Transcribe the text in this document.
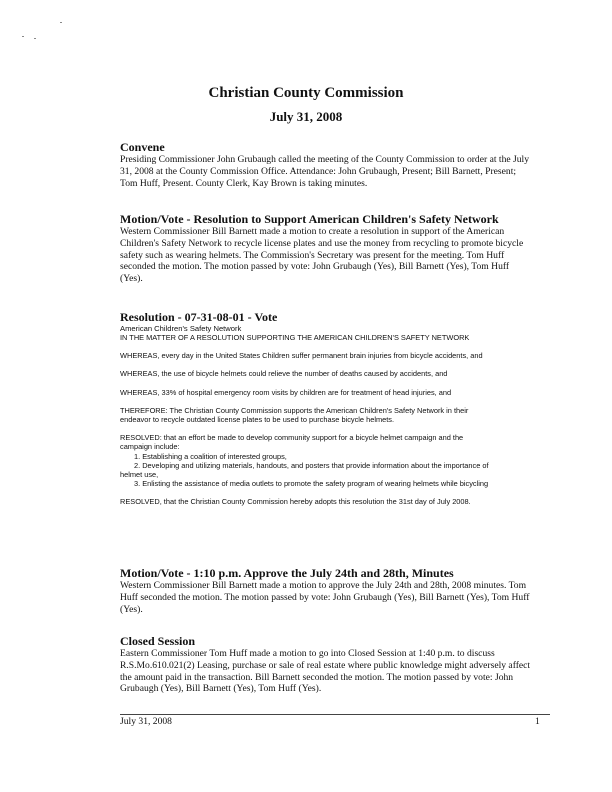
Christian County Commission
July 31, 2008

Convene

Presiding Commissioner John Grubaugh called the meeting of the County Commission to order at the July

31, 2008 at the County Commission Office. Attendance: John Grubaugh, Present; Bill Barnett, Present;

Tom Huff, Present. County Clerk, Kay Brown is taking minutes.

Motion/Vote - Resolution to Support American Children's Safety Network

Western Commissioner Bill Barnett made a motion to create a resolution in support of the American

Children's Safety Network to recycle license plates and use the money from recycling to promote bicycle

safety such as wearing helmets. The Commission's Secretary was present for the meeting. Tom Huff

seconded the motion. The motion passed by vote: John Grubaugh (Yes), Bill Barnett (Yes), Tom Huff

(Yes).

Resolution - 07-31-08-01 - Vote

American Children's Safety Network

IN THE MATTER OF A RESOLUTION SUPPORTING THE AMERICAN CHILDREN'S SAFETY NETWORK

WHEREAS, every day in the United States Children suffer permanent brain injuries from bicycle accidents, and

WHEREAS, the use of bicycle helmets could relieve the number of deaths caused by accidents, and

WHEREAS, 33% of hospital emergency room visits by children are for treatment of head injuries, and

THEREFORE: The Christian County Commission supports the American Children's Safety Network in their

endeavor to recycle outdated license plates to be used to purchase bicycle helmets.

RESOLVED: that an effort be made to develop community support for a bicycle helmet campaign and the

campaign include:

1. Establishing a coalition of interested groups,

2. Developing and utilizing materials, handouts, and posters that provide information about the importance of

helmet use,

3. Enlisting the assistance of media outlets to promote the safety program of wearing helmets while bicycling

RESOLVED, that the Christian County Commission hereby adopts this resolution the 31st day of July 2008.

Motion/Vote - 1:10 p.m. Approve the July 24th and 28th, Minutes

Western Commissioner Bill Barnett made a motion to approve the July 24th and 28th, 2008 minutes. Tom

Huff seconded the motion. The motion passed by vote: John Grubaugh (Yes), Bill Barnett (Yes), Tom Huff

(Yes).

Closed Session

Eastern Commissioner Tom Huff made a motion to go into Closed Session at 1:40 p.m. to discuss

R.S.Mo.610.021(2) Leasing, purchase or sale of real estate where public knowledge might adversely affect

the amount paid in the transaction. Bill Barnett seconded the motion. The motion passed by vote: John

Grubaugh (Yes), Bill Barnett (Yes), Tom Huff (Yes).

July 31, 2008	1
